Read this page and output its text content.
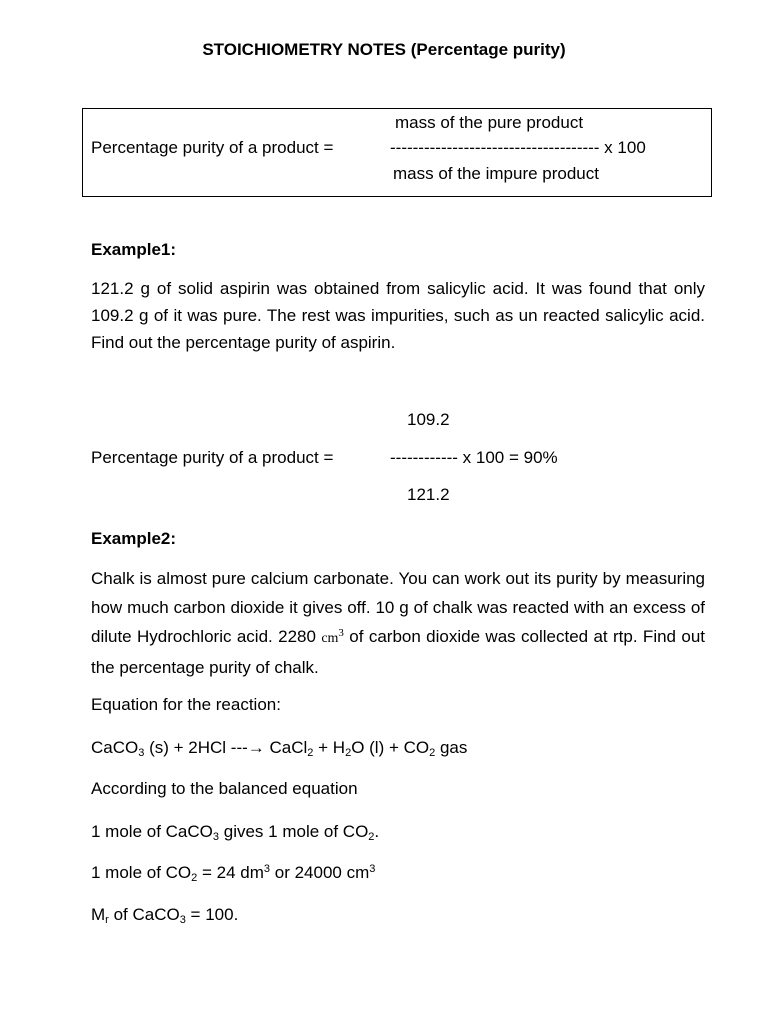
STOICHIOMETRY NOTES (Percentage purity)
Percentage purity of a product =
mass of the pure product
------------------------------------- x 100
mass of the impure product
Example1:
121.2 g of solid aspirin was obtained from salicylic acid. It was found that only 109.2 g of it was pure. The rest was impurities, such as un reacted salicylic acid. Find out the percentage purity of aspirin.
109.2
Percentage purity of a product =	------------ x 100 = 90%
121.2
Example2:
Chalk is almost pure calcium carbonate. You can work out its purity by measuring how much carbon dioxide it gives off. 10 g of chalk was reacted with an excess of dilute Hydrochloric acid. 2280 $cm^3$ of carbon dioxide was collected at rtp. Find out the percentage purity of chalk.
Equation for the reaction:
CaCO$_3$ (s) + 2HCl ---→ CaCl$_2$ + $H_2O$ $(l) + CO_2$ gas
According to the balanced equation
1 mole of CaCO$_3$ gives 1 mole of $CO_2$.
1 mole of $CO_2 = 24$ $dm^3$ or 24000 $cm^3$
$M_r$ of CaCO$_3$ = 100.
